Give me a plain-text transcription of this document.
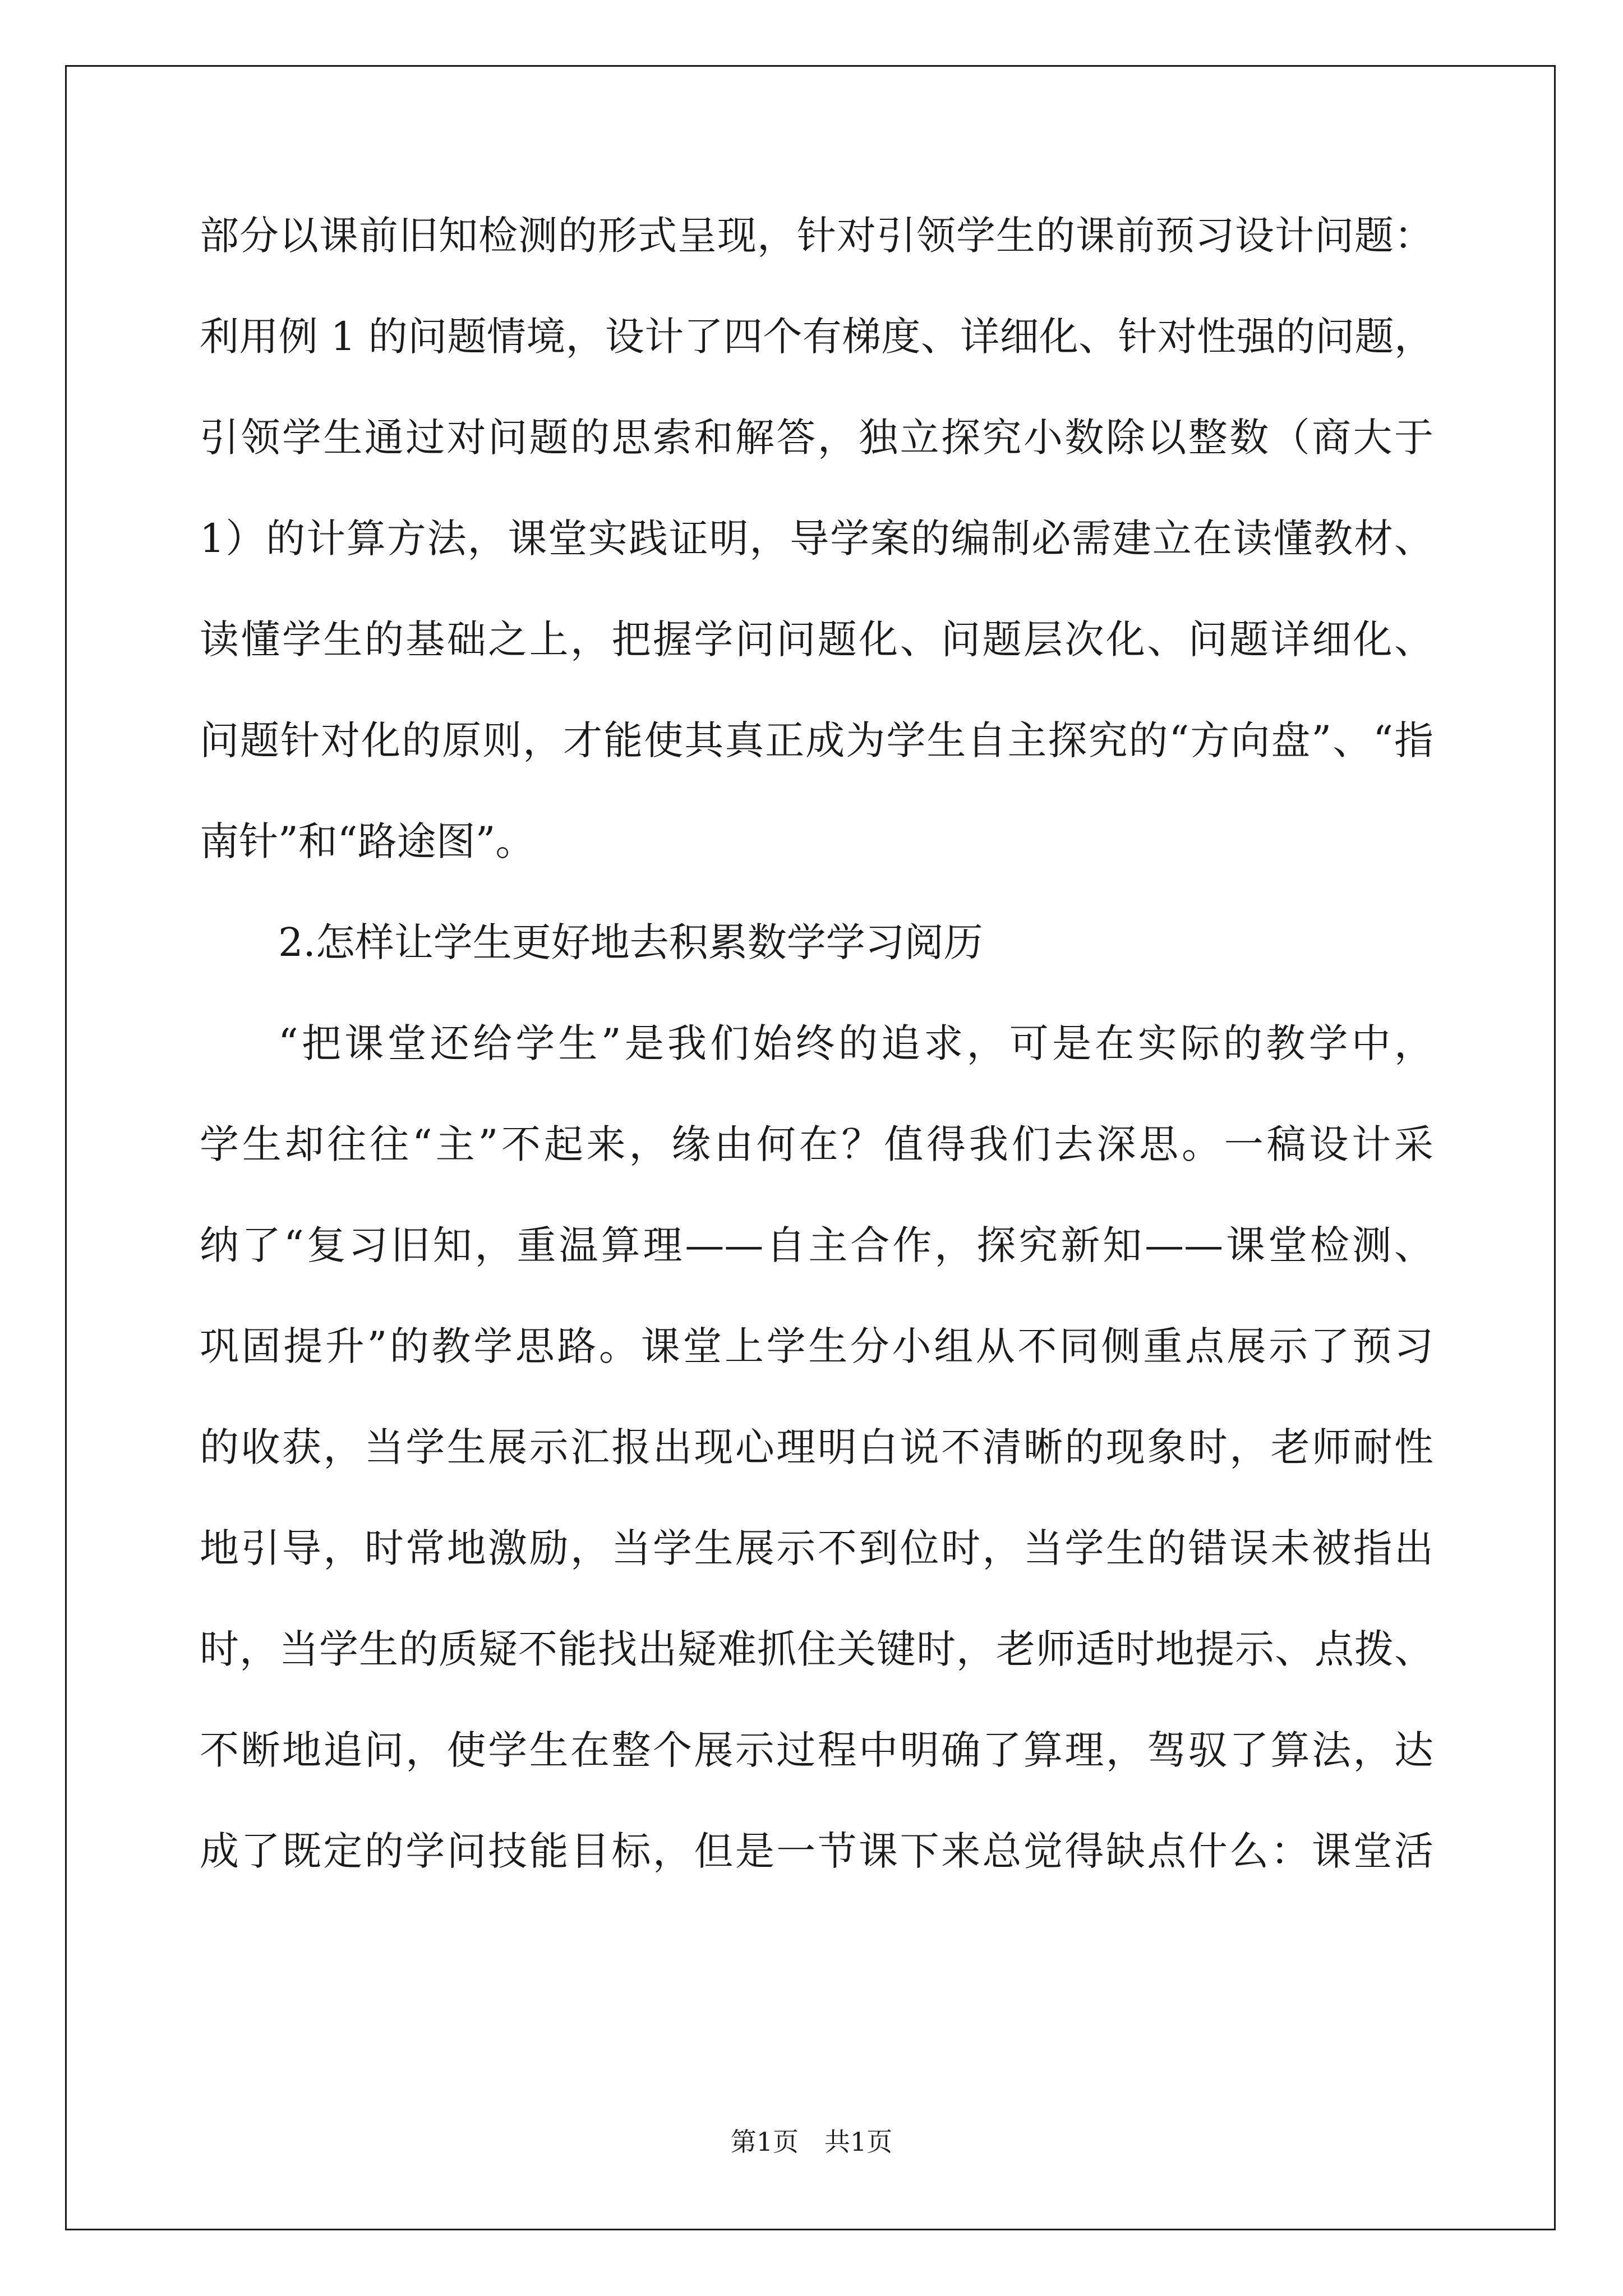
部分以课前旧知检测的形式呈现，针对引领学生的课前预习设计问题：
利用例 1 的问题情境，设计了四个有梯度、详细化、针对性强的问题，
引领学生通过对问题的思索和解答，独立探究小数除以整数（商大于
1）的计算方法，课堂实践证明，导学案的编制必需建立在读懂教材、
读懂学生的基础之上，把握学问问题化、问题层次化、问题详细化、
问题针对化的原则，才能使其真正成为学生自主探究的“方向盘”、“指
南针”和“路途图”。
2.怎样让学生更好地去积累数学学习阅历
“把课堂还给学生”是我们始终的追求，可是在实际的教学中，
学生却往往“主”不起来，缘由何在？值得我们去深思。一稿设计采
纳了“复习旧知，重温算理——自主合作，探究新知——课堂检测、
巩固提升”的教学思路。课堂上学生分小组从不同侧重点展示了预习
的收获，当学生展示汇报出现心理明白说不清晰的现象时，老师耐性
地引导，时常地激励，当学生展示不到位时，当学生的错误未被指出
时，当学生的质疑不能找出疑难抓住关键时，老师适时地提示、点拨、
不断地追问，使学生在整个展示过程中明确了算理，驾驭了算法，达
成了既定的学问技能目标，但是一节课下来总觉得缺点什么：课堂活
第1页　共1页
